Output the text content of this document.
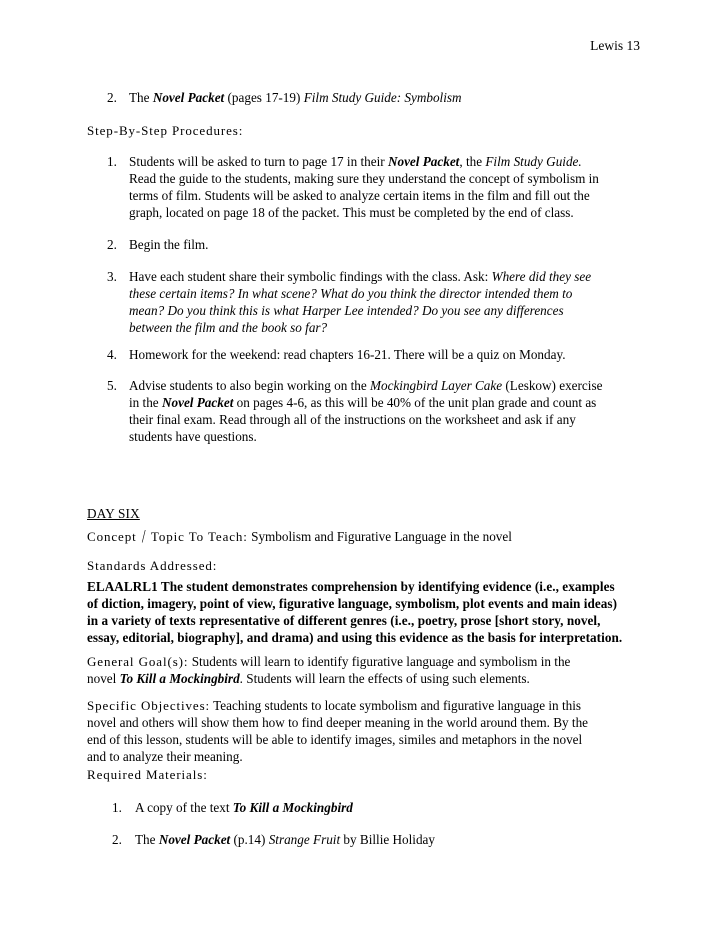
Lewis 13
2. The Novel Packet (pages 17-19) Film Study Guide: Symbolism
Step-By-Step Procedures:
1. Students will be asked to turn to page 17 in their Novel Packet, the Film Study Guide.
Read the guide to the students, making sure they understand the concept of symbolism in
terms of film. Students will be asked to analyze certain items in the film and fill out the
graph, located on page 18 of the packet. This must be completed by the end of class.
2. Begin the film.
3. Have each student share their symbolic findings with the class. Ask: Where did they see
these certain items? In what scene? What do you think the director intended them to
mean? Do you think this is what Harper Lee intended? Do you see any differences
between the film and the book so far?
4. Homework for the weekend: read chapters 16-21. There will be a quiz on Monday.
5. Advise students to also begin working on the Mockingbird Layer Cake (Leskow) exercise
in the Novel Packet on pages 4-6, as this will be 40% of the unit plan grade and count as
their final exam. Read through all of the instructions on the worksheet and ask if any
students have questions.
DAY SIX
Concept / Topic To Teach: Symbolism and Figurative Language in the novel
Standards Addressed:
ELAALRL1 The student demonstrates comprehension by identifying evidence (i.e., examples
of diction, imagery, point of view, figurative language, symbolism, plot events and main ideas)
in a variety of texts representative of different genres (i.e., poetry, prose [short story, novel,
essay, editorial, biography], and drama) and using this evidence as the basis for interpretation.
General Goal(s): Students will learn to identify figurative language and symbolism in the
novel To Kill a Mockingbird. Students will learn the effects of using such elements.
Specific Objectives: Teaching students to locate symbolism and figurative language in this
novel and others will show them how to find deeper meaning in the world around them. By the
end of this lesson, students will be able to identify images, similes and metaphors in the novel
and to analyze their meaning.
Required Materials:
1. A copy of the text To Kill a Mockingbird
2. The Novel Packet (p.14) Strange Fruit by Billie Holiday
